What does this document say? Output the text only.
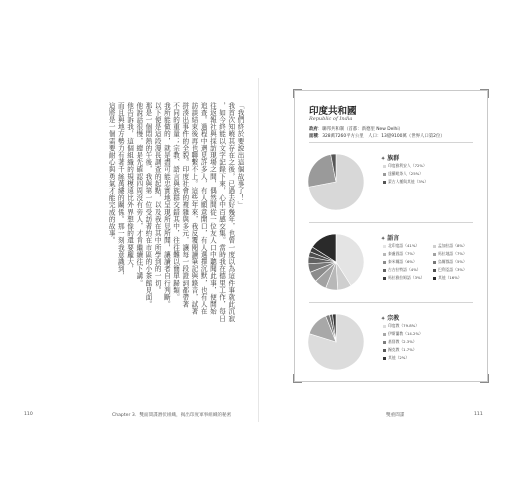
「我們終於要說出這個故事了！」
我首次知曉其存在之後，已過去好幾年，也曾一度以為這件事就此沉寂
，如今終能以文字記錄下來，心中百感交集。當時我在德里工作，每日
往返報社與採訪現場之間，偶然間從一位友人口中聽聞此事，便開始
追查。過程中遇見許多人，有人願意開口，有人選擇沉默，也有人在
訪談結束後再也聯繫不上。這些年來，我反覆閱讀筆記與錄音，試著
拼湊出事件的全貌。印度社會的複雜與多元，讓每一段證詞都帶著
不同的重量；宗教、語言與族群交錯其中，往往難以簡單歸類。
我所能做的，就是盡可能忠實地呈現所見所聞，讓讀者自行判斷。
以下便是這段漫長調查的起點，以及我在其中所學到的一切。
那是一個悶熱的午後，我與第一位受訪者約在市區的小茶館見面。
他說話很慢，總是先確認四周沒有旁人，才肯繼續往下講。
他告訴我，這個組織的規模遠比外界想像的還要龐大，
而且與地方勢力有著千絲萬縷的關係。那一刻我意識到，
這將是一個需要耐心與勇氣才能完成的故事。
110	Chapter 3．雙面間諜潛伏組織，揭出印度軍事組織的秘密
印度共和國
Republic of India
政府：聯邦共和制（首都：新德里 New Delhi）
面積：328萬7260平方公里　人口：13億9100萬（世界人口第2位）
✦ 族群
印度雅利安人（72%）
達羅毗荼人（25%）
蒙古人種與其他（3%）
✦ 語言
北印度語（41%）	孟加拉語（8%）
泰盧固語（7%）	馬拉地語（7%）
泰米爾語（6%）	烏爾都語（5%）
古吉拉特語（4%）	巴利亞語（3%）
馬拉雅拉姆語（3%）	其他（16%）
✦ 宗教
印度教（79.8%）
伊斯蘭教（14.2%）
基督教（2.3%）
錫克教（1.7%）
其他（2%）
雙重間諜	111
